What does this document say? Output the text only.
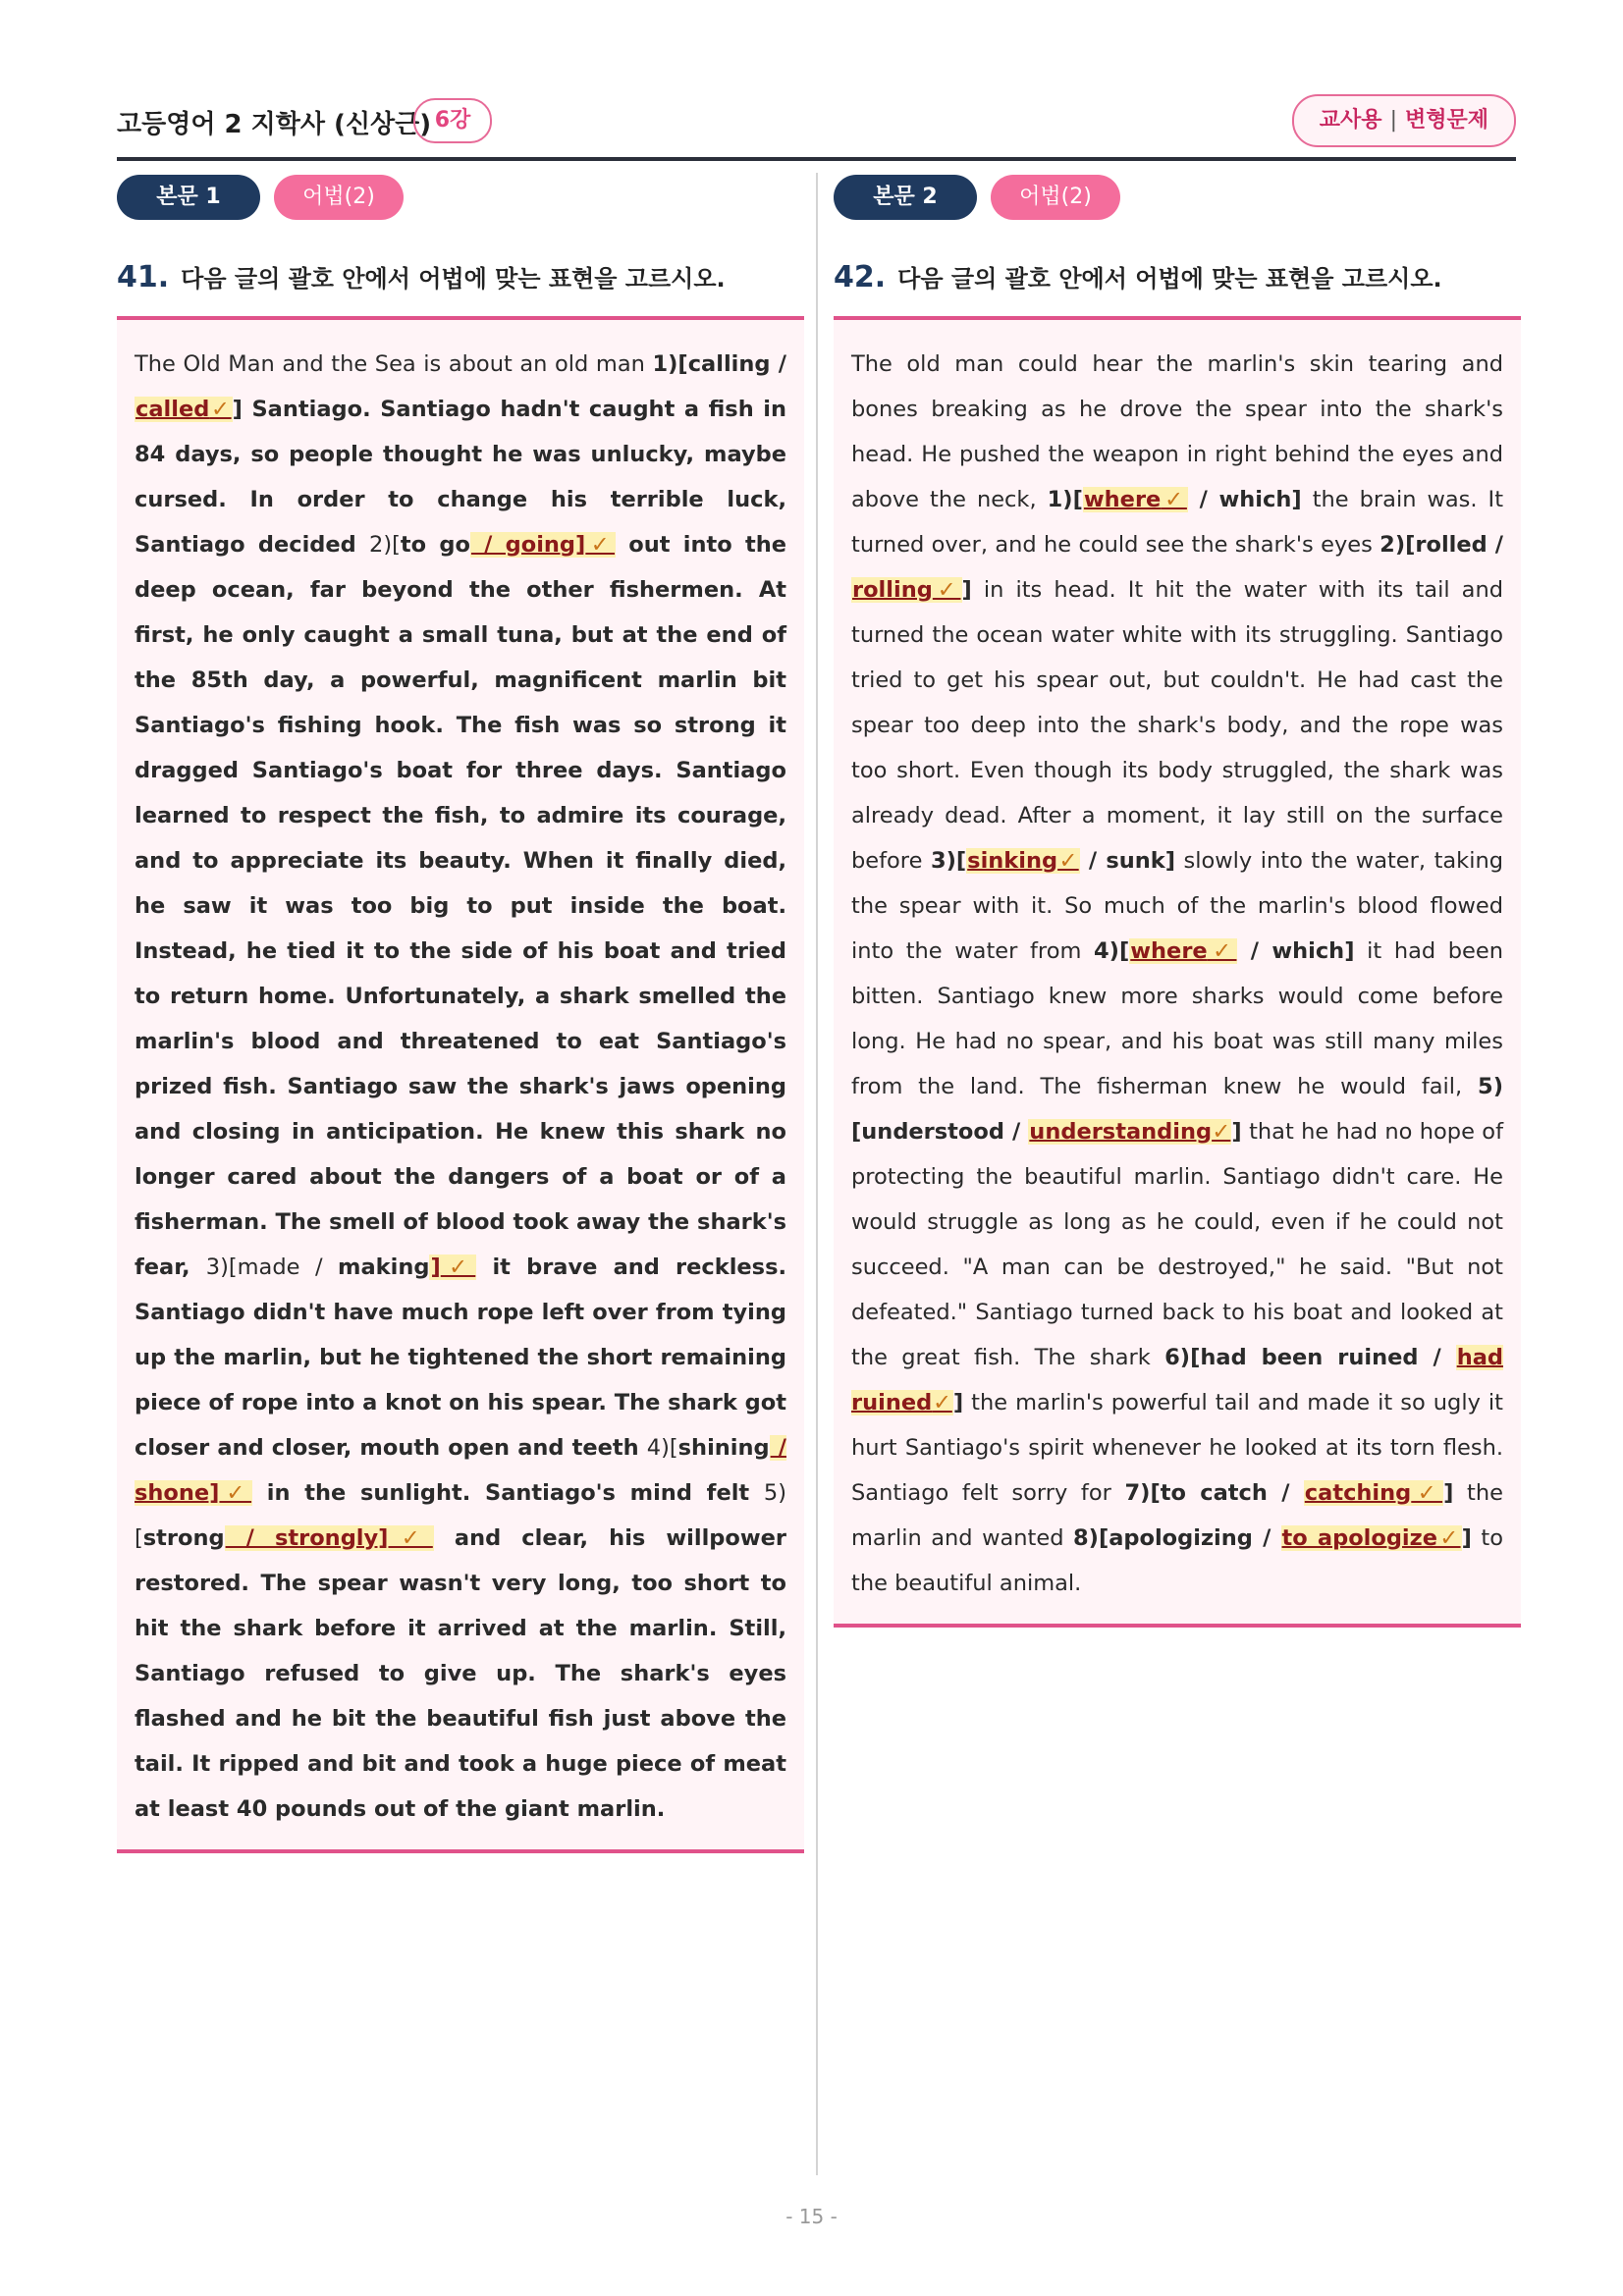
고등영어 2 지학사 (신상근) 6강	교사용 | 변형문제
본문 1	어법(2)
41. 다음 글의 괄호 안에서 어법에 맞는 표현을 고르시오.
The Old Man and the Sea is about an old man 1)[calling / called✓] Santiago. Santiago hadn't caught a fish in 84 days, so people thought he was unlucky, maybe cursed. In order to change his terrible luck, Santiago decided 2)[to go / going]✓ out into the deep ocean, far beyond the other fishermen. At first, he only caught a small tuna, but at the end of the 85th day, a powerful, magnificent marlin bit Santiago's fishing hook. The fish was so strong it dragged Santiago's boat for three days. Santiago learned to respect the fish, to admire its courage, and to appreciate its beauty. When it finally died, he saw it was too big to put inside the boat. Instead, he tied it to the side of his boat and tried to return home. Unfortunately, a shark smelled the marlin's blood and threatened to eat Santiago's prized fish. Santiago saw the shark's jaws opening and closing in anticipation. He knew this shark no longer cared about the dangers of a boat or of a fisherman. The smell of blood took away the shark's fear, 3)[made / making]✓ it brave and reckless. Santiago didn't have much rope left over from tying up the marlin, but he tightened the short remaining piece of rope into a knot on his spear. The shark got closer and closer, mouth open and teeth 4)[shining / shone]✓ in the sunlight. Santiago's mind felt 5)[strong / strongly]✓ and clear, his willpower restored. The spear wasn't very long, too short to hit the shark before it arrived at the marlin. Still, Santiago refused to give up. The shark's eyes flashed and he bit the beautiful fish just above the tail. It ripped and bit and took a huge piece of meat at least 40 pounds out of the giant marlin.
본문 2	어법(2)
42. 다음 글의 괄호 안에서 어법에 맞는 표현을 고르시오.
The old man could hear the marlin's skin tearing and bones breaking as he drove the spear into the shark's head. He pushed the weapon in right behind the eyes and above the neck, 1)[where✓ / which] the brain was. It turned over, and he could see the shark's eyes 2)[rolled / rolling✓] in its head. It hit the water with its tail and turned the ocean water white with its struggling. Santiago tried to get his spear out, but couldn't. He had cast the spear too deep into the shark's body, and the rope was too short. Even though its body struggled, the shark was already dead. After a moment, it lay still on the surface before 3)[sinking✓ / sunk] slowly into the water, taking the spear with it. So much of the marlin's blood flowed into the water from 4)[where✓ / which] it had been bitten. Santiago knew more sharks would come before long. He had no spear, and his boat was still many miles from the land. The fisherman knew he would fail, 5)[understood / understanding✓] that he had no hope of protecting the beautiful marlin. Santiago didn't care. He would struggle as long as he could, even if he could not succeed. "A man can be destroyed," he said. "But not defeated." Santiago turned back to his boat and looked at the great fish. The shark 6)[had been ruined / had ruined✓] the marlin's powerful tail and made it so ugly it hurt Santiago's spirit whenever he looked at its torn flesh. Santiago felt sorry for 7)[to catch / catching✓] the marlin and wanted 8)[apologizing / to apologize✓] to the beautiful animal.
- 15 -
